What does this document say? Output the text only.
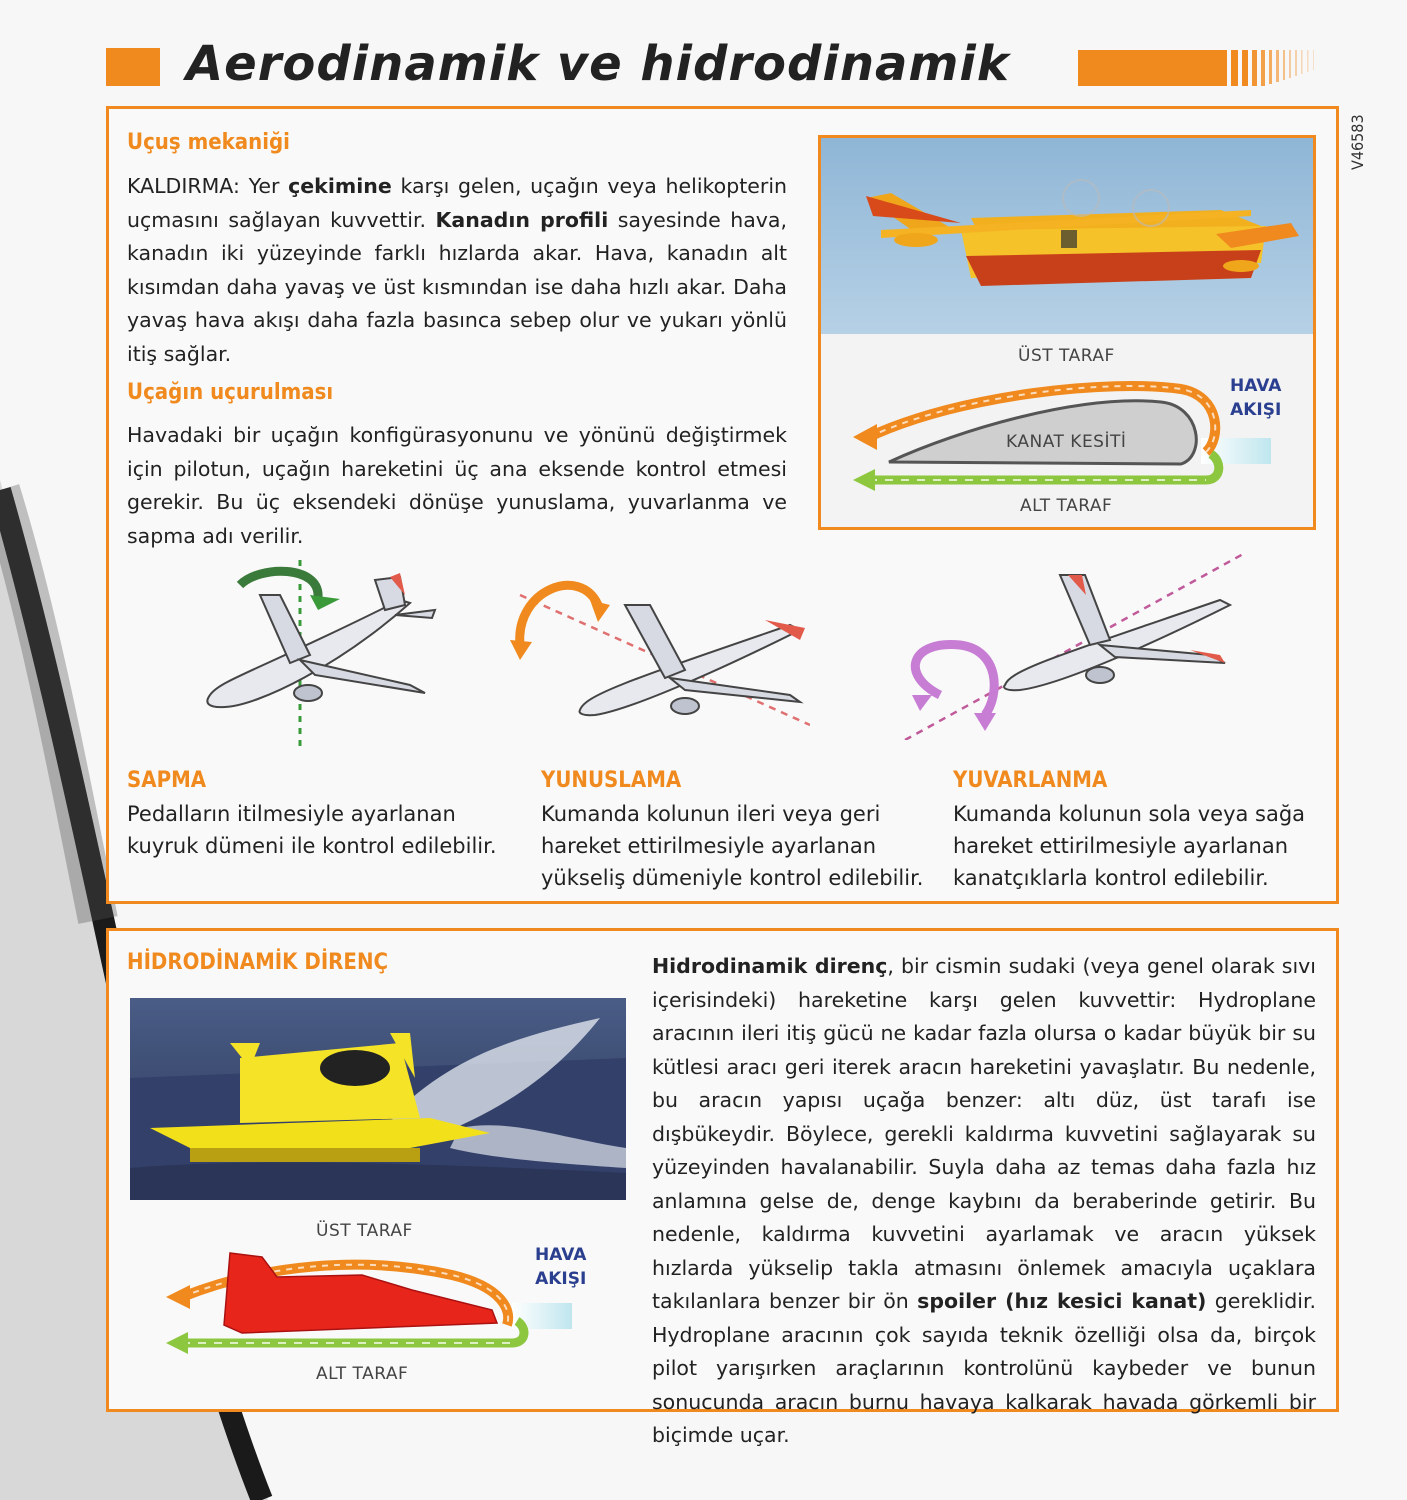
Aerodinamik ve hidrodinamik
V46583
Uçuş mekaniği
KALDIRMA: Yer çekimine karşı gelen, uçağın veya helikopterin uçmasını sağlayan kuvvettir. Kanadın profili sayesinde hava, kanadın iki yüzeyinde farklı hızlarda akar. Hava, kanadın alt kısımdan daha yavaş ve üst kısmından ise daha hızlı akar. Daha yavaş hava akışı daha fazla basınca sebep olur ve yukarı yönlü itiş sağlar.
Uçağın uçurulması
Havadaki bir uçağın konfigürasyonunu ve yönünü değiştirmek için pilotun, uçağın hareketini üç ana eksende kontrol etmesi gerekir. Bu üç eksendeki dönüşe yunuslama, yuvarlanma ve sapma adı verilir.
ÜST TARAF
KANAT KESİTİ
ALT TARAF
HAVA
AKIŞI
SAPMA
Pedalların itilmesiyle ayarlanan
kuyruk dümeni ile kontrol edilebilir.
YUNUSLAMA
Kumanda kolunun ileri veya geri
hareket ettirilmesiyle ayarlanan
yükseliş dümeniyle kontrol edilebilir.
YUVARLANMA
Kumanda kolunun sola veya sağa
hareket ettirilmesiyle ayarlanan
kanatçıklarla kontrol edilebilir.
HİDRODİNAMİK DİRENÇ
ÜST TARAF
ALT TARAF
HAVA
AKIŞI
Hidrodinamik direnç, bir cismin sudaki (veya genel olarak sıvı içerisindeki) hareketine karşı gelen kuvvettir: Hydroplane aracının ileri itiş gücü ne kadar fazla olursa o kadar büyük bir su kütlesi aracı geri iterek aracın hareketini yavaşlatır. Bu nedenle, bu aracın yapısı uçağa benzer: altı düz, üst tarafı ise dışbükeydir. Böylece, gerekli kaldırma kuvvetini sağlayarak su yüzeyinden havalanabilir. Suyla daha az temas daha fazla hız anlamına gelse de, denge kaybını da beraberinde getirir. Bu nedenle, kaldırma kuvvetini ayarlamak ve aracın yüksek hızlarda yükselip takla atmasını önlemek amacıyla uçaklara takılanlara benzer bir ön spoiler (hız kesici kanat) gereklidir. Hydroplane aracının çok sayıda teknik özelliği olsa da, birçok pilot yarışırken araçlarının kontrolünü kaybeder ve bunun sonucunda aracın burnu havaya kalkarak havada görkemli bir biçimde uçar.
